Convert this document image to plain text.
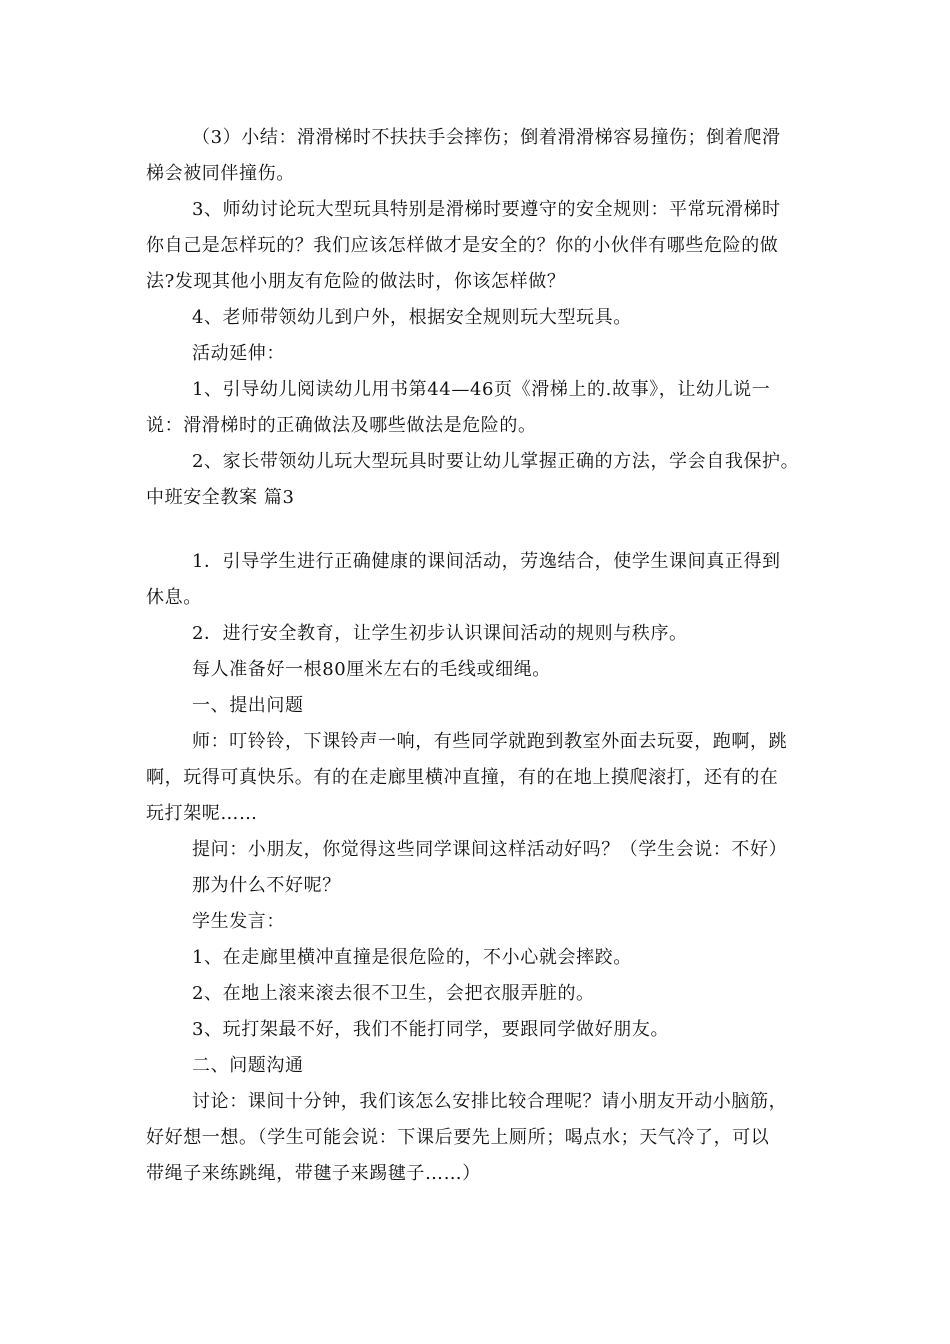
（3）小结：滑滑梯时不扶扶手会摔伤；倒着滑滑梯容易撞伤；倒着爬滑
梯会被同伴撞伤。
3、师幼讨论玩大型玩具特别是滑梯时要遵守的安全规则：平常玩滑梯时
你自己是怎样玩的？我们应该怎样做才是安全的？你的小伙伴有哪些危险的做
法?发现其他小朋友有危险的做法时，你该怎样做？
4、老师带领幼儿到户外，根据安全规则玩大型玩具。
活动延伸：
1、引导幼儿阅读幼儿用书第44—46页《滑梯上的.故事》，让幼儿说一
说：滑滑梯时的正确做法及哪些做法是危险的。
2、家长带领幼儿玩大型玩具时要让幼儿掌握正确的方法，学会自我保护。
中班安全教案 篇3
1．引导学生进行正确健康的课间活动，劳逸结合，使学生课间真正得到
休息。
2．进行安全教育，让学生初步认识课间活动的规则与秩序。
每人准备好一根80厘米左右的毛线或细绳。
一、提出问题
师：叮铃铃，下课铃声一响，有些同学就跑到教室外面去玩耍，跑啊，跳
啊，玩得可真快乐。有的在走廊里横冲直撞，有的在地上摸爬滚打，还有的在
玩打架呢……
提问：小朋友，你觉得这些同学课间这样活动好吗？（学生会说：不好）
那为什么不好呢？
学生发言：
1、在走廊里横冲直撞是很危险的，不小心就会摔跤。
2、在地上滚来滚去很不卫生，会把衣服弄脏的。
3、玩打架最不好，我们不能打同学，要跟同学做好朋友。
二、问题沟通
讨论：课间十分钟，我们该怎么安排比较合理呢？请小朋友开动小脑筋，
好好想一想。（学生可能会说：下课后要先上厕所；喝点水；天气冷了，可以
带绳子来练跳绳，带毽子来踢毽子……）
